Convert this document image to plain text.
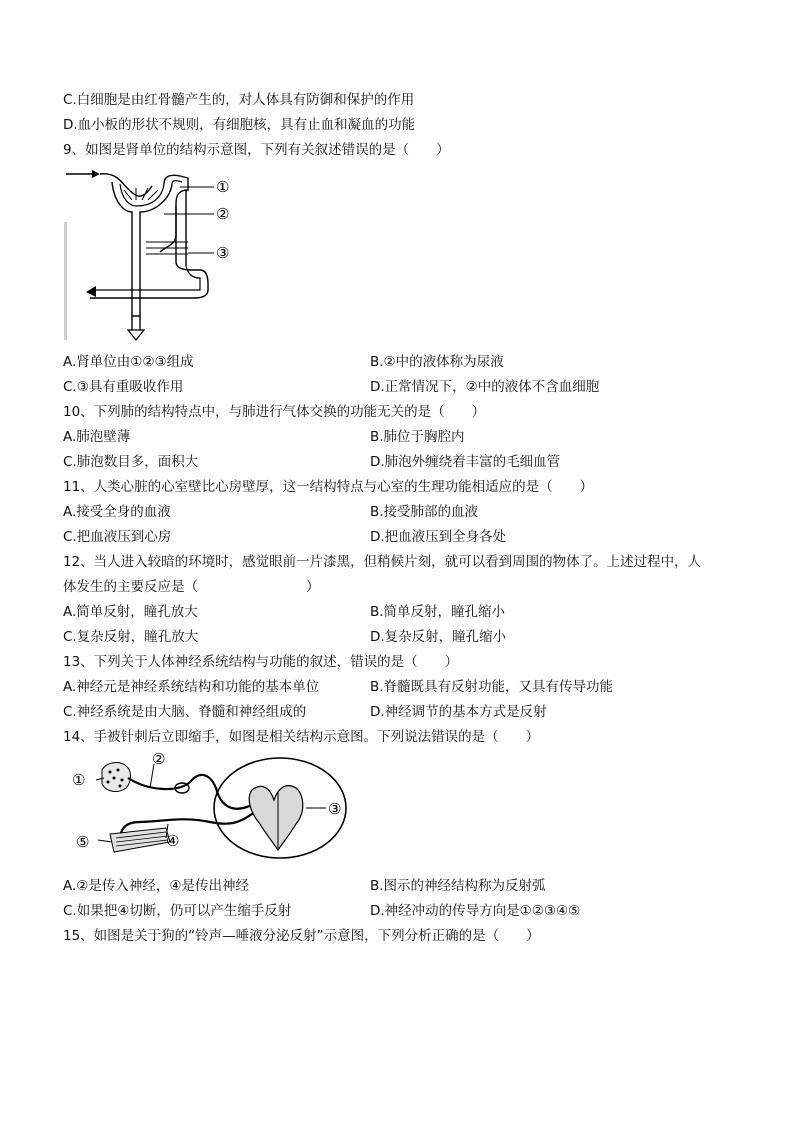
C.白细胞是由红骨髓产生的，对人体具有防御和保护的作用
D.血小板的形状不规则，有细胞核，具有止血和凝血的功能
9、如图是肾单位的结构示意图，下列有关叙述错误的是（　　）
①
②
③
A.肾单位由①②③组成	B.②中的液体称为尿液
C.③具有重吸收作用	D.正常情况下，②中的液体不含血细胞
10、下列肺的结构特点中，与肺进行气体交换的功能无关的是（　　）
A.肺泡壁薄	B.肺位于胸腔内
C.肺泡数目多，面积大	D.肺泡外缠绕着丰富的毛细血管
11、人类心脏的心室壁比心房壁厚，这一结构特点与心室的生理功能相适应的是（　　）
A.接受全身的血液	B.接受肺部的血液
C.把血液压到心房	D.把血液压到全身各处
12、当人进入较暗的环境时，感觉眼前一片漆黑，但稍候片刻，就可以看到周围的物体了。上述过程中，人
体发生的主要反应是（　　　　　　　　）
A.简单反射，瞳孔放大	B.简单反射，瞳孔缩小
C.复杂反射，瞳孔放大	D.复杂反射，瞳孔缩小
13、下列关于人体神经系统结构与功能的叙述，错误的是（　　）
A.神经元是神经系统结构和功能的基本单位	B.脊髓既具有反射功能，又具有传导功能
C.神经系统是由大脑、脊髓和神经组成的	D.神经调节的基本方式是反射
14、手被针刺后立即缩手，如图是相关结构示意图。下列说法错误的是（　　）
①
②
③
④
⑤
A.②是传入神经，④是传出神经	B.图示的神经结构称为反射弧
C.如果把④切断，仍可以产生缩手反射	D.神经冲动的传导方向是①②③④⑤
15、如图是关于狗的“铃声—唾液分泌反射”示意图，下列分析正确的是（　　）
